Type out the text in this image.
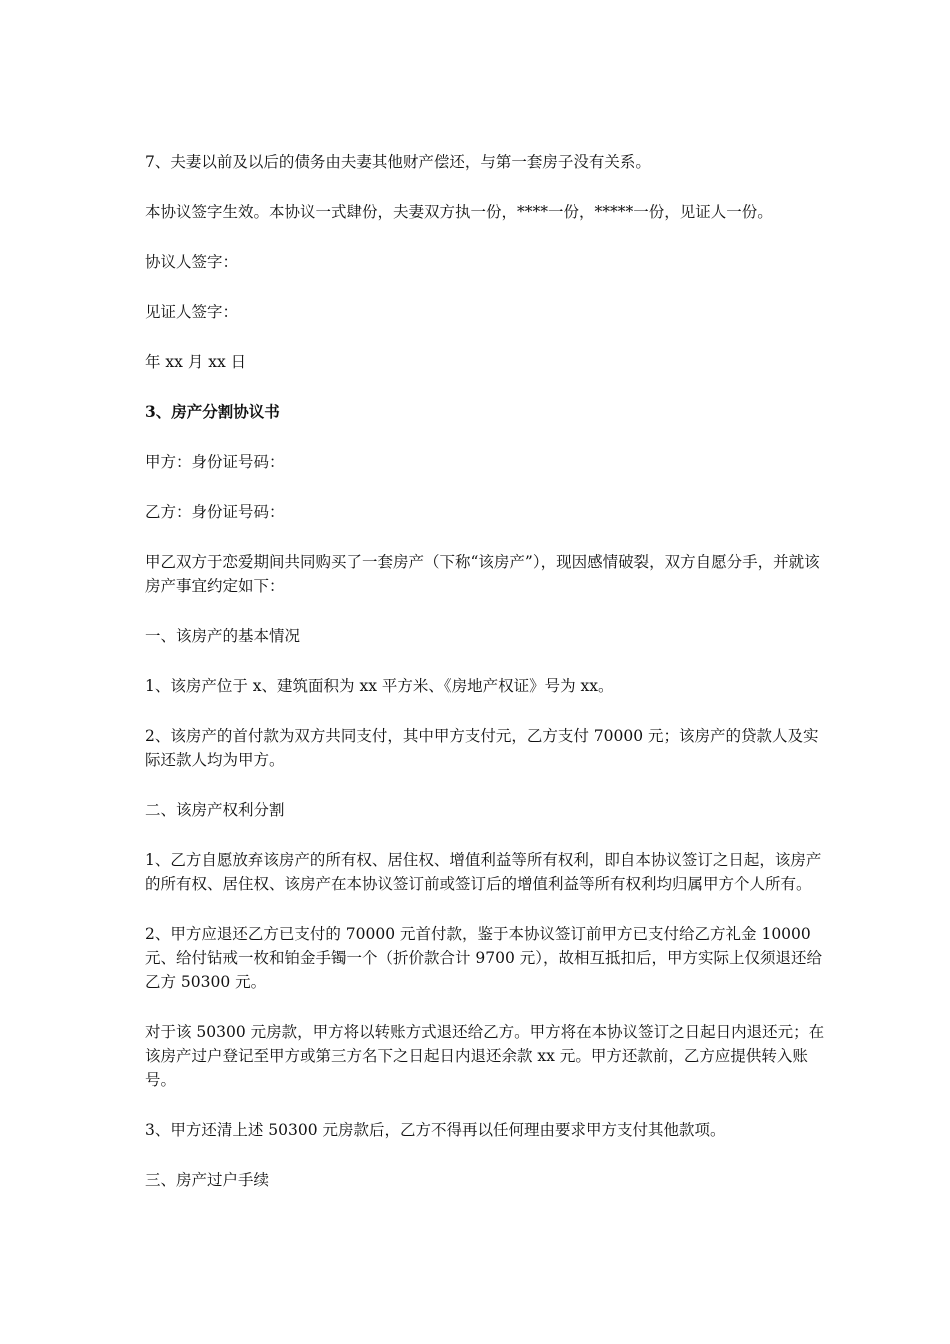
7、夫妻以前及以后的债务由夫妻其他财产偿还，与第一套房子没有关系。

本协议签字生效。本协议一式肆份，夫妻双方执一份，****一份，*****一份，见证人一份。

协议人签字：

见证人签字：

年 xx 月 xx 日

3、房产分割协议书

甲方：身份证号码：

乙方：身份证号码：

甲乙双方于恋爱期间共同购买了一套房产（下称“该房产”），现因感情破裂，双方自愿分手，并就该房产事宜约定如下：

一、该房产的基本情况

1、该房产位于 x、建筑面积为 xx 平方米、《房地产权证》号为 xx。

2、该房产的首付款为双方共同支付，其中甲方支付元，乙方支付 70000 元；该房产的贷款人及实际还款人均为甲方。

二、该房产权利分割

1、乙方自愿放弃该房产的所有权、居住权、增值利益等所有权利，即自本协议签订之日起，该房产的所有权、居住权、该房产在本协议签订前或签订后的增值利益等所有权利均归属甲方个人所有。

2、甲方应退还乙方已支付的 70000 元首付款，鉴于本协议签订前甲方已支付给乙方礼金 10000 元、给付钻戒一枚和铂金手镯一个（折价款合计 9700 元），故相互抵扣后，甲方实际上仅须退还给乙方 50300 元。

对于该 50300 元房款，甲方将以转账方式退还给乙方。甲方将在本协议签订之日起日内退还元；在该房产过户登记至甲方或第三方名下之日起日内退还余款 xx 元。甲方还款前，乙方应提供转入账号。

3、甲方还清上述 50300 元房款后，乙方不得再以任何理由要求甲方支付其他款项。

三、房产过户手续
